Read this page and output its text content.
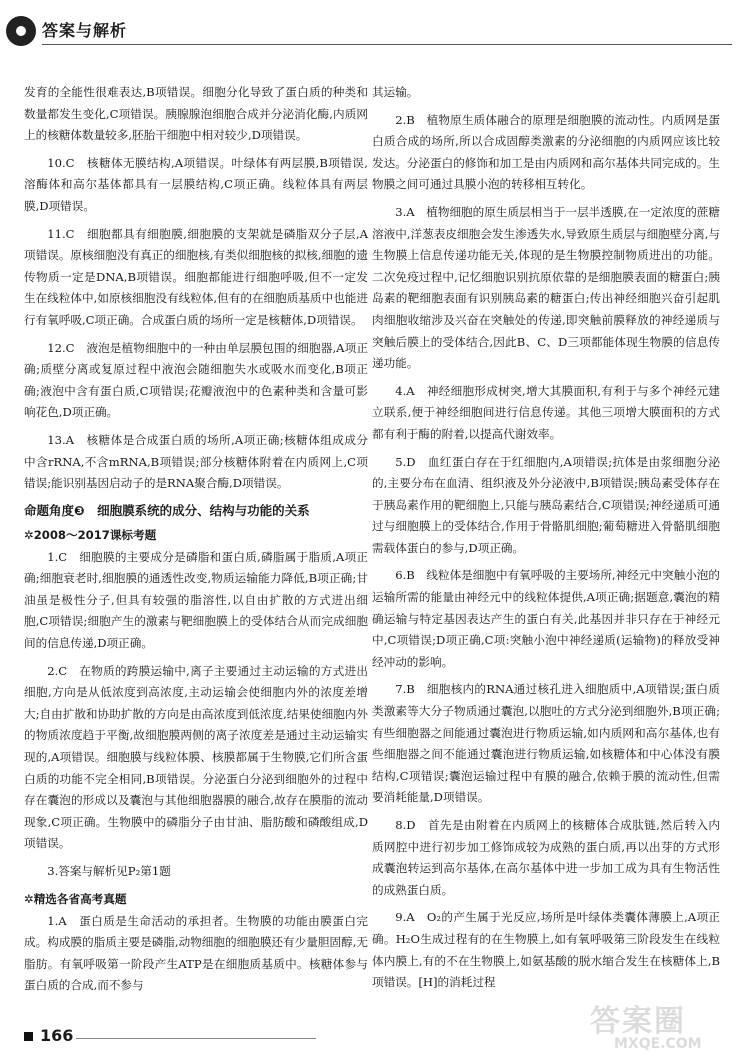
答案与解析
发育的全能性很难表达,B项错误。细胞分化导致了蛋白质的种类和数量都发生变化,C项错误。胰腺腺泡细胞合成并分泌消化酶,内质网上的核糖体数量较多,胚胎干细胞中相对较少,D项错误。
10.C　核糖体无膜结构,A项错误。叶绿体有两层膜,B项错误,溶酶体和高尔基体都具有一层膜结构,C项正确。线粒体具有两层膜,D项错误。
11.C　细胞都具有细胞膜,细胞膜的支架就是磷脂双分子层,A项错误。原核细胞没有真正的细胞核,有类似细胞核的拟核,细胞的遗传物质一定是DNA,B项错误。细胞都能进行细胞呼吸,但不一定发生在线粒体中,如原核细胞没有线粒体,但有的在细胞质基质中也能进行有氧呼吸,C项正确。合成蛋白质的场所一定是核糖体,D项错误。
12.C　液泡是植物细胞中的一种由单层膜包围的细胞器,A项正确;质壁分离或复原过程中液泡会随细胞失水或吸水而变化,B项正确;液泡中含有蛋白质,C项错误;花瓣液泡中的色素种类和含量可影响花色,D项正确。
13.A　核糖体是合成蛋白质的场所,A项正确;核糖体组成成分中含rRNA,不含mRNA,B项错误;部分核糖体附着在内质网上,C项错误;能识别基因启动子的是RNA聚合酶,D项错误。
命题角度❸　细胞膜系统的成分、结构与功能的关系
✲2008～2017课标考题
1.C　细胞膜的主要成分是磷脂和蛋白质,磷脂属于脂质,A项正确;细胞衰老时,细胞膜的通透性改变,物质运输能力降低,B项正确;甘油虽是极性分子,但具有较强的脂溶性,以自由扩散的方式进出细胞,C项错误;细胞产生的激素与靶细胞膜上的受体结合从而完成细胞间的信息传递,D项正确。
2.C　在物质的跨膜运输中,离子主要通过主动运输的方式进出细胞,方向是从低浓度到高浓度,主动运输会使细胞内外的浓度差增大;自由扩散和协助扩散的方向是由高浓度到低浓度,结果使细胞内外的物质浓度趋于平衡,故细胞膜两侧的离子浓度差是通过主动运输实现的,A项错误。细胞膜与线粒体膜、核膜都属于生物膜,它们所含蛋白质的功能不完全相同,B项错误。分泌蛋白分泌到细胞外的过程中存在囊泡的形成以及囊泡与其他细胞器膜的融合,故存在膜脂的流动现象,C项正确。生物膜中的磷脂分子由甘油、脂肪酸和磷酸组成,D项错误。
3.答案与解析见P₂第1题
✲精选各省高考真题
1.A　蛋白质是生命活动的承担者。生物膜的功能由膜蛋白完成。构成膜的脂质主要是磷脂,动物细胞的细胞膜还有少量胆固醇,无脂肪。有氧呼吸第一阶段产生ATP是在细胞质基质中。核糖体参与蛋白质的合成,而不参与
其运输。
2.B　植物原生质体融合的原理是细胞膜的流动性。内质网是蛋白质合成的场所,所以合成固醇类激素的分泌细胞的内质网应该比较发达。分泌蛋白的修饰和加工是由内质网和高尔基体共同完成的。生物膜之间可通过具膜小泡的转移相互转化。
3.A　植物细胞的原生质层相当于一层半透膜,在一定浓度的蔗糖溶液中,洋葱表皮细胞会发生渗透失水,导致原生质层与细胞壁分离,与生物膜上信息传递功能无关,体现的是生物膜控制物质进出的功能。二次免疫过程中,记忆细胞识别抗原依靠的是细胞膜表面的糖蛋白;胰岛素的靶细胞表面有识别胰岛素的糖蛋白;传出神经细胞兴奋引起肌肉细胞收缩涉及兴奋在突触处的传递,即突触前膜释放的神经递质与突触后膜上的受体结合,因此B、C、D三项都能体现生物膜的信息传递功能。
4.A　神经细胞形成树突,增大其膜面积,有利于与多个神经元建立联系,便于神经细胞间进行信息传递。其他三项增大膜面积的方式都有利于酶的附着,以提高代谢效率。
5.D　血红蛋白存在于红细胞内,A项错误;抗体是由浆细胞分泌的,主要分布在血清、组织液及外分泌液中,B项错误;胰岛素受体存在于胰岛素作用的靶细胞上,只能与胰岛素结合,C项错误;神经递质可通过与细胞膜上的受体结合,作用于骨骼肌细胞;葡萄糖进入骨骼肌细胞需载体蛋白的参与,D项正确。
6.B　线粒体是细胞中有氧呼吸的主要场所,神经元中突触小泡的运输所需的能量由神经元中的线粒体提供,A项正确;据题意,囊泡的精确运输与特定基因表达产生的蛋白有关,此基因并非只存在于神经元中,C项错误;D项正确,C项:突触小泡中神经递质(运输物)的释放受神经冲动的影响。
7.B　细胞核内的RNA通过核孔进入细胞质中,A项错误;蛋白质类激素等大分子物质通过囊泡,以胞吐的方式分泌到细胞外,B项正确;有些细胞器之间能通过囊泡进行物质运输,如内质网和高尔基体,也有些细胞器之间不能通过囊泡进行物质运输,如核糖体和中心体没有膜结构,C项错误;囊泡运输过程中有膜的融合,依赖于膜的流动性,但需要消耗能量,D项错误。
8.D　首先是由附着在内质网上的核糖体合成肽链,然后转入内质网腔中进行初步加工修饰成较为成熟的蛋白质,再以出芽的方式形成囊泡转运到高尔基体,在高尔基体中进一步加工成为具有生物活性的成熟蛋白质。
9.A　O₂的产生属于光反应,场所是叶绿体类囊体薄膜上,A项正确。H₂O生成过程有的在生物膜上,如有氧呼吸第三阶段发生在线粒体内膜上,有的不在生物膜上,如氨基酸的脱水缩合发生在核糖体上,B项错误。[H]的消耗过程
166	答案圈
MXQE.COM
